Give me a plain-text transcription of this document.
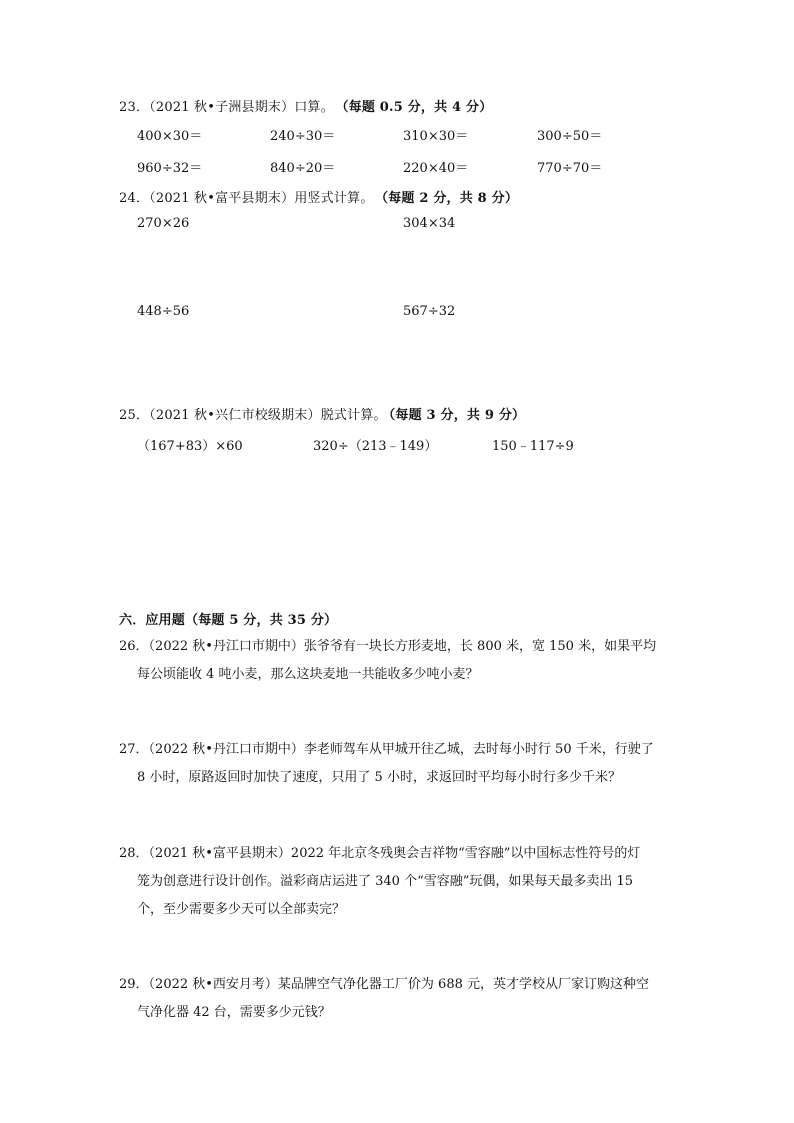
23．（2021 秋•子洲县期末）口算。 （每题 0.5 分，共 4 分）
400×30＝	240÷30＝	310×30＝	300÷50＝
960÷32＝	840÷20＝	220×40＝	770÷70＝
24．（2021 秋•富平县期末）用竖式计算。 （每题 2 分，共 8 分）
270×26	304×34
448÷56	567÷32
25．（2021 秋•兴仁市校级期末）脱式计算。 （每题 3 分，共 9 分）
（167+83）×60	320÷（213﹣149）	150﹣117÷9
六．应用题（每题 5 分，共 35 分）
26．（2022 秋•丹江口市期中）张爷爷有一块长方形麦地，长 800 米，宽 150 米，如果平均
每公顷能收 4 吨小麦，那么这块麦地一共能收多少吨小麦？
27．（2022 秋•丹江口市期中）李老师驾车从甲城开往乙城，去时每小时行 50 千米，行驶了
8 小时，原路返回时加快了速度，只用了 5 小时，求返回时平均每小时行多少千米？
28．（2021 秋•富平县期末）2022 年北京冬残奥会吉祥物“雪容融”以中国标志性符号的灯
笼为创意进行设计创作。溢彩商店运进了 340 个“雪容融”玩偶，如果每天最多卖出 15
个，至少需要多少天可以全部卖完？
29．（2022 秋•西安月考）某品牌空气净化器工厂价为 688 元，英才学校从厂家订购这种空
气净化器 42 台，需要多少元钱？
